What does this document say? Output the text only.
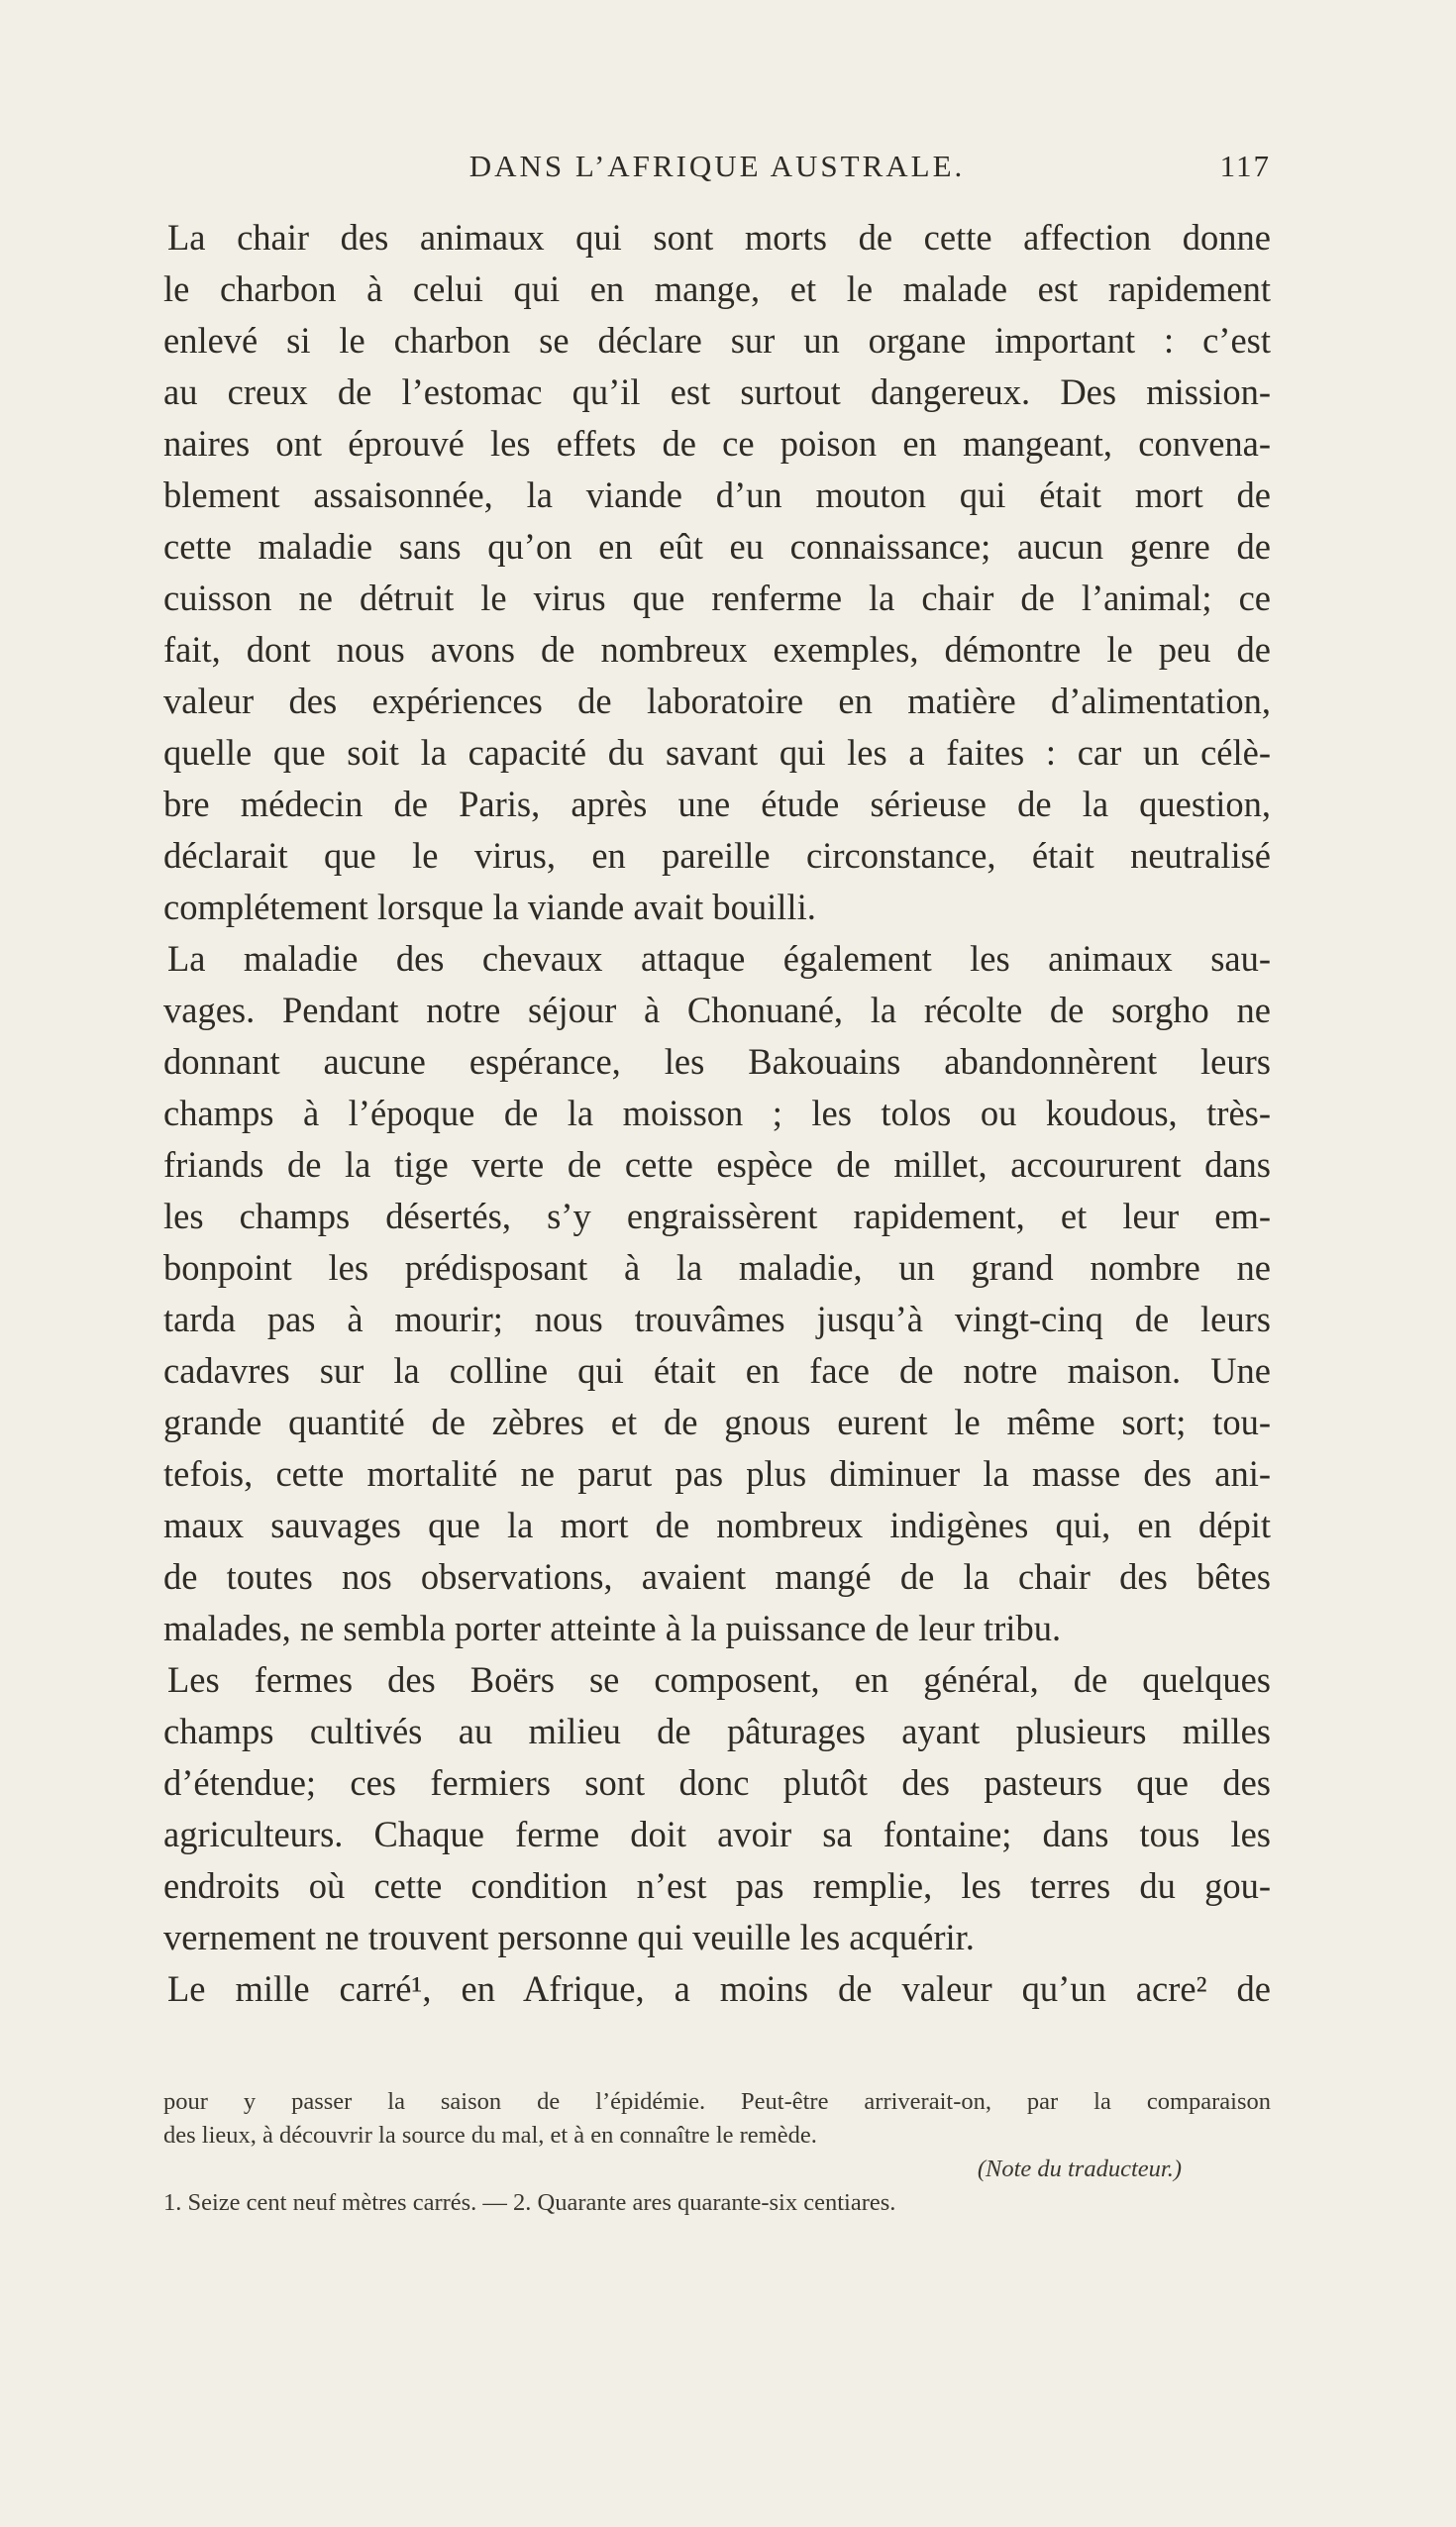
DANS L’AFRIQUE AUSTRALE.	117
La chair des animaux qui sont morts de cette affection donne
le charbon à celui qui en mange, et le malade est rapidement
enlevé si le charbon se déclare sur un organe important : c’est
au creux de l’estomac qu’il est surtout dangereux. Des mission-
naires ont éprouvé les effets de ce poison en mangeant, convena-
blement assaisonnée, la viande d’un mouton qui était mort de
cette maladie sans qu’on en eût eu connaissance; aucun genre de
cuisson ne détruit le virus que renferme la chair de l’animal; ce
fait, dont nous avons de nombreux exemples, démontre le peu de
valeur des expériences de laboratoire en matière d’alimentation,
quelle que soit la capacité du savant qui les a faites : car un célè-
bre médecin de Paris, après une étude sérieuse de la question,
déclarait que le virus, en pareille circonstance, était neutralisé
complétement lorsque la viande avait bouilli.
La maladie des chevaux attaque également les animaux sau-
vages. Pendant notre séjour à Chonuané, la récolte de sorgho ne
donnant aucune espérance, les Bakouains abandonnèrent leurs
champs à l’époque de la moisson ; les tolos ou koudous, très-
friands de la tige verte de cette espèce de millet, accoururent dans
les champs désertés, s’y engraissèrent rapidement, et leur em-
bonpoint les prédisposant à la maladie, un grand nombre ne
tarda pas à mourir; nous trouvâmes jusqu’à vingt-cinq de leurs
cadavres sur la colline qui était en face de notre maison. Une
grande quantité de zèbres et de gnous eurent le même sort; tou-
tefois, cette mortalité ne parut pas plus diminuer la masse des ani-
maux sauvages que la mort de nombreux indigènes qui, en dépit
de toutes nos observations, avaient mangé de la chair des bêtes
malades, ne sembla porter atteinte à la puissance de leur tribu.
Les fermes des Boërs se composent, en général, de quelques
champs cultivés au milieu de pâturages ayant plusieurs milles
d’étendue; ces fermiers sont donc plutôt des pasteurs que des
agriculteurs. Chaque ferme doit avoir sa fontaine; dans tous les
endroits où cette condition n’est pas remplie, les terres du gou-
vernement ne trouvent personne qui veuille les acquérir.
Le mille carré¹, en Afrique, a moins de valeur qu’un acre² de
pour y passer la saison de l’épidémie. Peut-être arriverait-on, par la comparaison
des lieux, à découvrir la source du mal, et à en connaître le remède.
(Note du traducteur.)
1. Seize cent neuf mètres carrés. — 2. Quarante ares quarante-six centiares.
